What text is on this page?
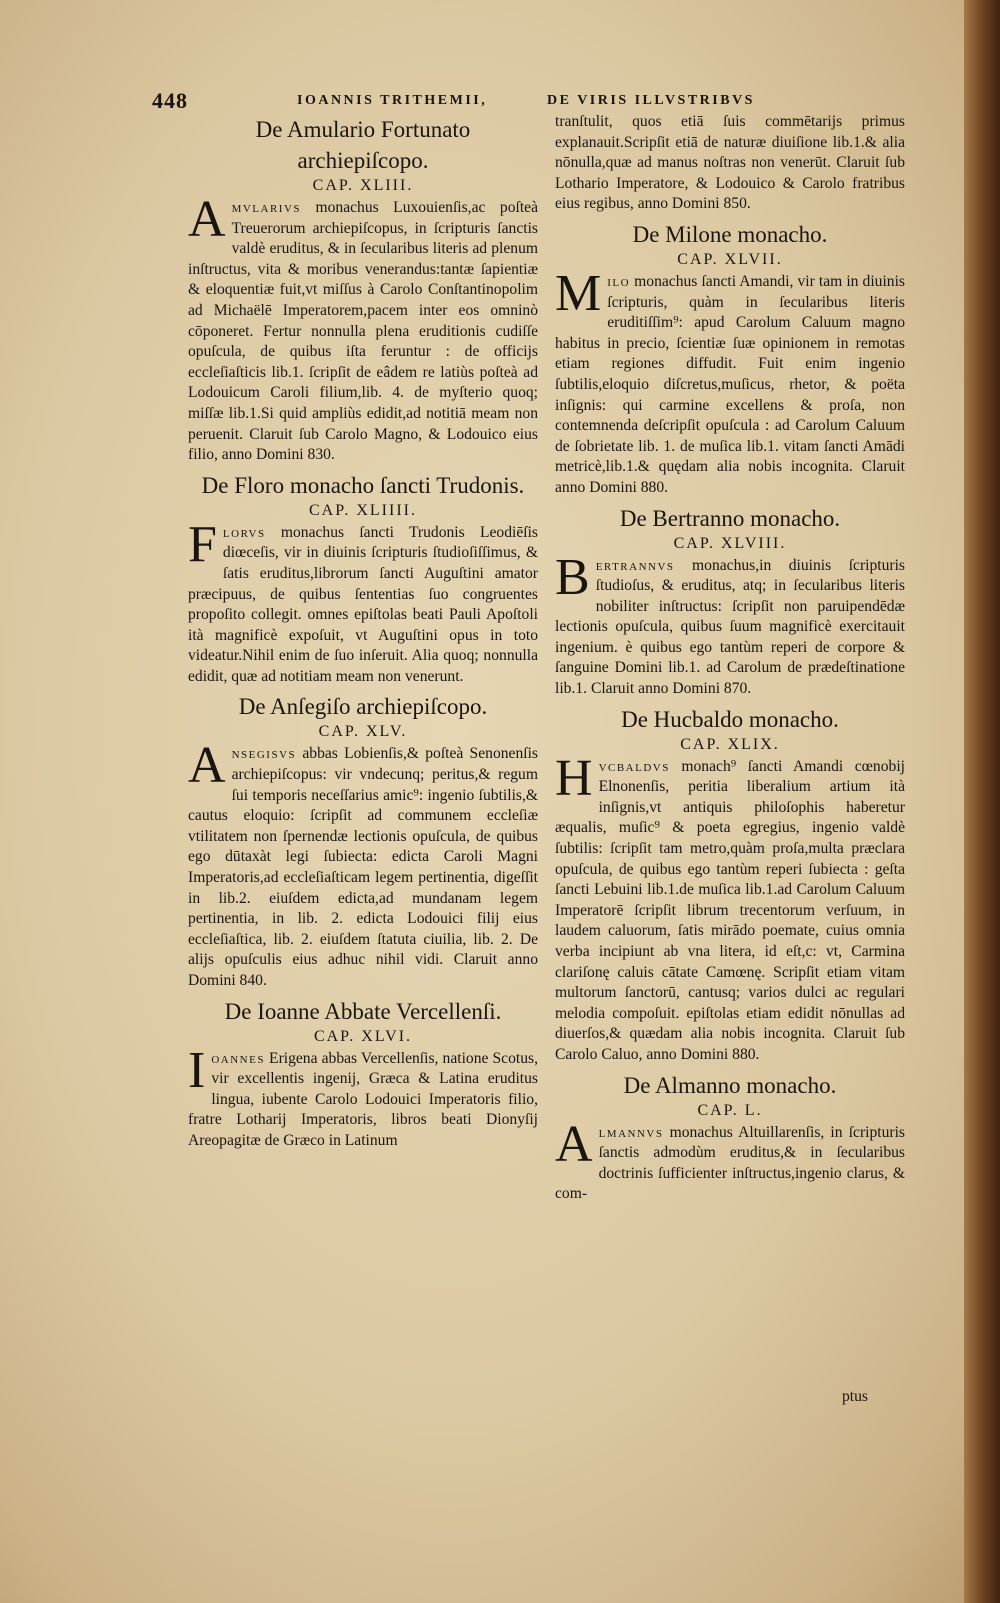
448	IOANNIS TRITHEMII,	DE VIRIS ILLVSTRIBVS
De Amulario Fortunato archiepiſcopo.
CAP. XLIII.
Amvlarivs monachus Luxouienſis,ac poſteà Treuerorum archiepiſcopus, in ſcripturis ſanctis valdè eruditus, & in ſecularibus literis ad plenum inſtructus, vita & moribus venerandus:tantæ ſapientiæ & eloquentiæ fuit,vt miſſus à Carolo Conſtantinopolim ad Michaëlē Imperatorem,pacem inter eos omninò cōponeret. Fertur nonnulla plena eruditionis cudiſſe opuſcula, de quibus iſta feruntur : de officijs eccleſiaſticis lib.1. ſcripſit de eâdem re latiùs poſteà ad Lodouicum Caroli filium,lib. 4. de myſterio quoq; miſſæ lib.1.Si quid ampliùs edidit,ad notitiā meam non peruenit. Claruit ſub Carolo Magno, & Lodouico eius filio, anno Domini 830.
De Floro monacho ſancti Trudonis.
CAP. XLIIII.
Florvs monachus ſancti Trudonis Leodiēſis diœceſis, vir in diuinis ſcripturis ſtudioſiſſimus, & ſatis eruditus,librorum ſancti Auguſtini amator præcipuus, de quibus ſententias ſuo congruentes propoſito collegit. omnes epiſtolas beati Pauli Apoſtoli ità magnificè expoſuit, vt Auguſtini opus in toto videatur.Nihil enim de ſuo inſeruit. Alia quoq; nonnulla edidit, quæ ad notitiam meam non venerunt.
De Anſegiſo archiepiſcopo.
CAP. XLV.
Ansegisvs abbas Lobienſis,& poſteà Senonenſis archiepiſcopus: vir vndecunq; peritus,& regum ſui temporis neceſſarius amic⁹: ingenio ſubtilis,& cautus eloquio: ſcripſit ad communem eccleſiæ vtilitatem non ſpernendæ lectionis opuſcula, de quibus ego dūtaxàt legi ſubiecta: edicta Caroli Magni Imperatoris,ad eccleſiaſticam legem pertinentia, digeſſit in lib.2. eiuſdem edicta,ad mundanam legem pertinentia, in lib. 2. edicta Lodouici filij eius eccleſiaſtica, lib. 2. eiuſdem ſtatuta ciuilia, lib. 2. De alijs opuſculis eius adhuc nihil vidi. Claruit anno Domini 840.
De Ioanne Abbate Vercellenſi.
CAP. XLVI.
Ioannes Erigena abbas Vercellenſis, natione Scotus, vir excellentis ingenij, Græca & Latina eruditus lingua, iubente Carolo Lodouici Imperatoris filio, fratre Lotharij Imperatoris, libros beati Dionyſij Areopagitæ de Græco in Latinum
tranſtulit, quos etiā ſuis commētarijs primus explanauit.Scripſit etiā de naturæ diuiſione lib.1.& alia nōnulla,quæ ad manus noſtras non venerūt. Claruit ſub Lothario Imperatore, & Lodouico & Carolo fratribus eius regibus, anno Domini 850.
De Milone monacho.
CAP. XLVII.
Milo monachus ſancti Amandi, vir tam in diuinis ſcripturis, quàm in ſecularibus literis eruditiſſim⁹: apud Carolum Caluum magno habitus in precio, ſcientiæ ſuæ opinionem in remotas etiam regiones diffudit. Fuit enim ingenio ſubtilis,eloquio diſcretus,muſicus, rhetor, & poëta inſignis: qui carmine excellens & proſa, non contemnenda deſcripſit opuſcula : ad Carolum Caluum de ſobrietate lib. 1. de muſica lib.1. vitam ſancti Amādi metricè,lib.1.& quędam alia nobis incognita. Claruit anno Domini 880.
De Bertranno monacho.
CAP. XLVIII.
Bertrannvs monachus,in diuinis ſcripturis ſtudioſus, & eruditus, atq; in ſecularibus literis nobiliter inſtructus: ſcripſit non paruipendēdæ lectionis opuſcula, quibus ſuum magnificè exercitauit ingenium. è quibus ego tantùm reperi de corpore & ſanguine Domini lib.1. ad Carolum de prædeſtinatione lib.1. Claruit anno Domini 870.
De Hucbaldo monacho.
CAP. XLIX.
Hvcbaldvs monach⁹ ſancti Amandi cœnobij Elnonenſis, peritia liberalium artium ità inſignis,vt antiquis philoſophis haberetur æqualis, muſic⁹ & poeta egregius, ingenio valdè ſubtilis: ſcripſit tam metro,quàm proſa,multa præclara opuſcula, de quibus ego tantùm reperi ſubiecta : geſta ſancti Lebuini lib.1.de muſica lib.1.ad Carolum Caluum Imperatorē ſcripſit librum trecentorum verſuum, in laudem caluorum, ſatis mirādo poemate, cuius omnia verba incipiunt ab vna litera, id eſt,c: vt, Carmina clariſonę caluis cātate Camœnę. Scripſit etiam vitam multorum ſanctorū, cantusq; varios dulci ac regulari melodia compoſuit. epiſtolas etiam edidit nōnullas ad diuerſos,& quædam alia nobis incognita. Claruit ſub Carolo Caluo, anno Domini 880.
De Almanno monacho.
CAP. L.
Almannvs monachus Altuillarenſis, in ſcripturis ſanctis admodùm eruditus,& in ſecularibus doctrinis ſufficienter inſtructus,ingenio clarus, & com-
ptus
